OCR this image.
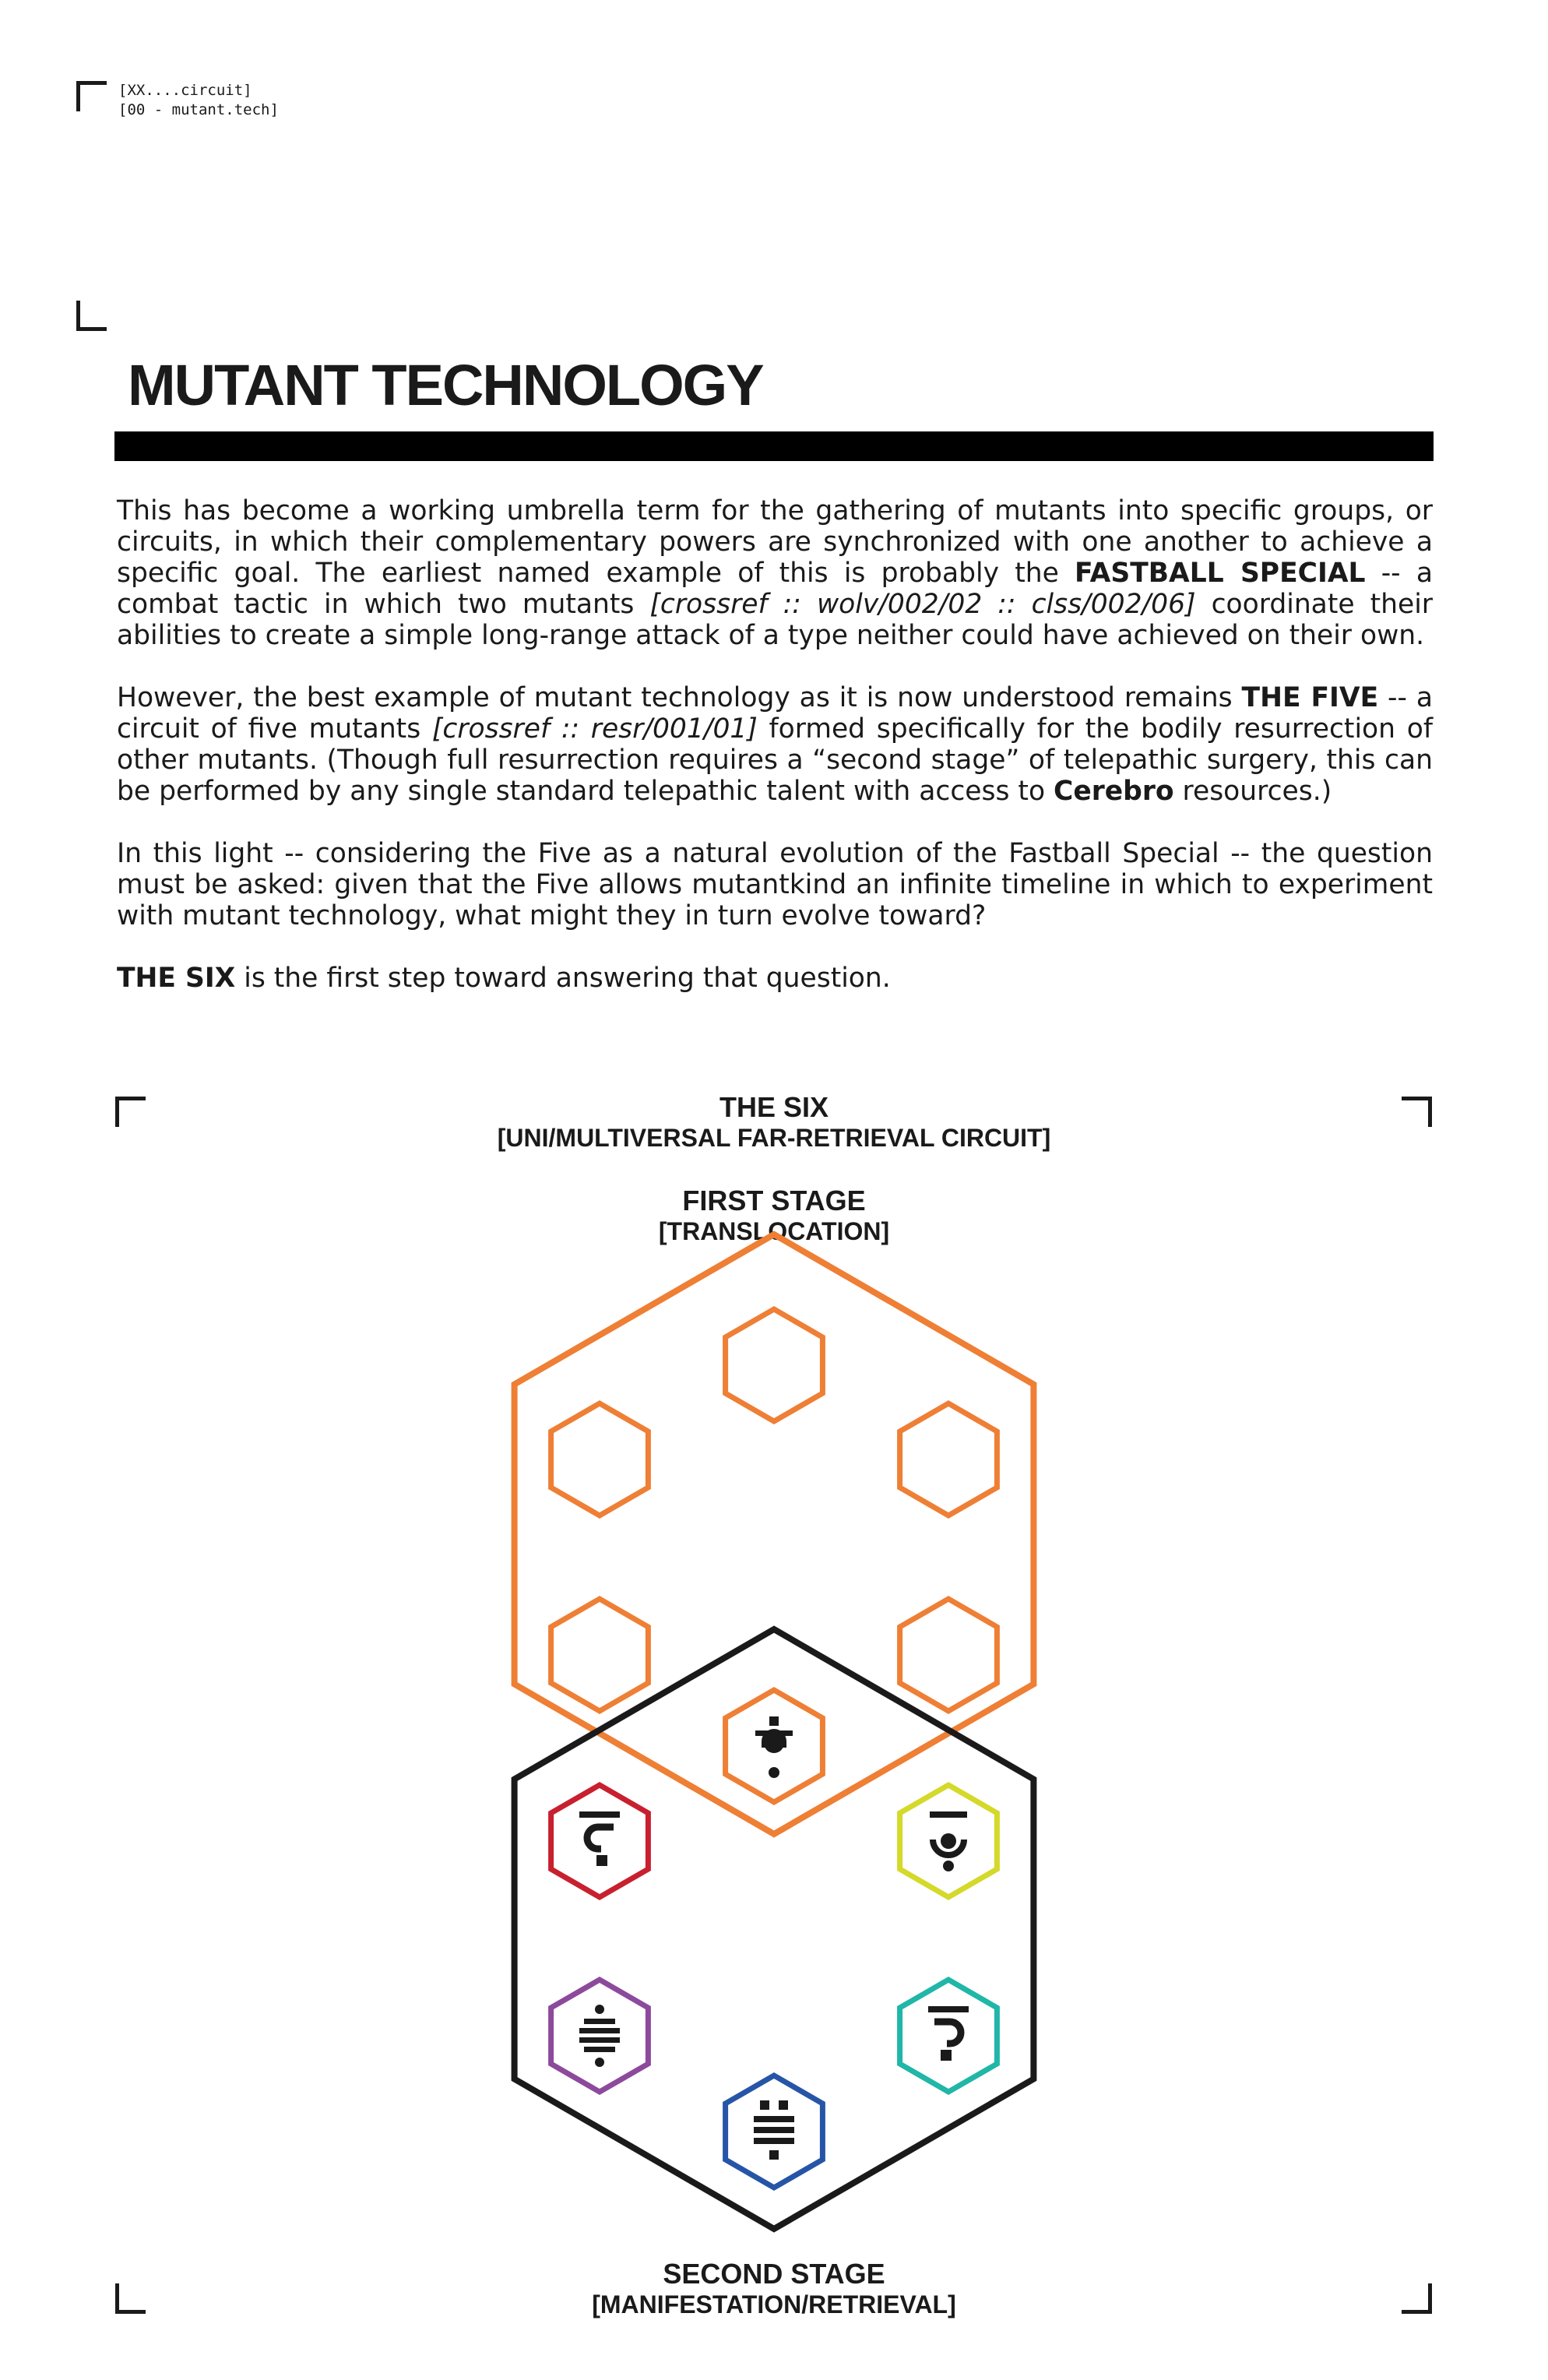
[XX....circuit]
[00 - mutant.tech]
MUTANT TECHNOLOGY

This has become a working umbrella term for the gathering of mutants into specific groups, or circuits, in which their complementary powers are synchronized with one another to achieve a specific goal. The earliest named example of this is probably the FASTBALL SPECIAL -- a combat tactic in which two mutants [crossref :: wolv/002/02 :: clss/002/06] coordinate their abilities to create a simple long-range attack of a type neither could have achieved on their own.

However, the best example of mutant technology as it is now understood remains THE FIVE -- a circuit of five mutants [crossref :: resr/001/01] formed specifically for the bodily resurrection of other mutants. (Though full resurrection requires a “second stage” of telepathic surgery, this can be performed by any single standard telepathic talent with access to Cerebro resources.)

In this light -- considering the Five as a natural evolution of the Fastball Special -- the question must be asked: given that the Five allows mutantkind an infinite timeline in which to experiment with mutant technology, what might they in turn evolve toward?

THE SIX is the first step toward answering that question.

THE SIX
[UNI/MULTIVERSAL FAR-RETRIEVAL CIRCUIT]
FIRST STAGE
[TRANSLOCATION]
SECOND STAGE
[MANIFESTATION/RETRIEVAL]
